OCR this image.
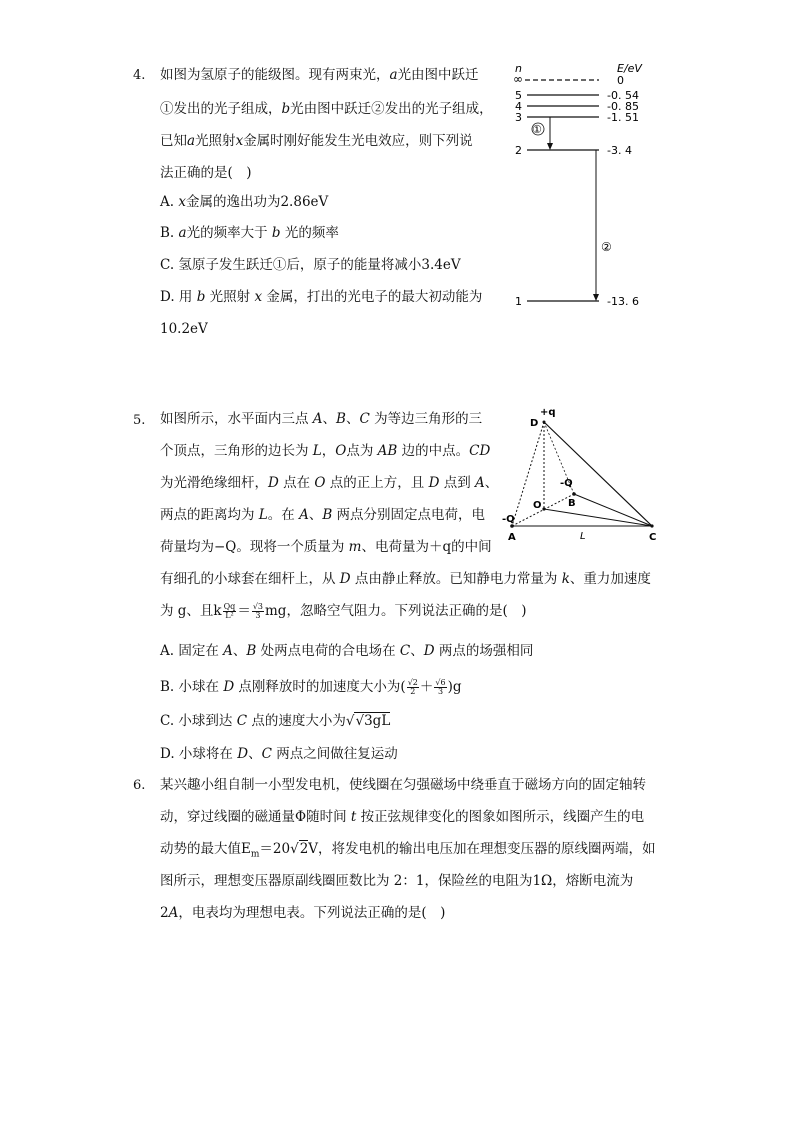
4. 如图为氢原子的能级图。现有两束光，a光由图中跃迁
①发出的光子组成，b光由图中跃迁②发出的光子组成，
已知a光照射x金属时刚好能发生光电效应，则下列说
法正确的是(　)
A. x金属的逸出功为2.86eV
B. a光的频率大于 b 光的频率
C. 氢原子发生跃迁①后，原子的能量将减小3.4eV
D. 用 b 光照射 x 金属，打出的光电子的最大初动能为
10.2eV
n	E/eV
∞	0
5	-0. 54
4	-0. 85
3	-1. 51
2	-3. 4
1	-13. 6
①
②
5. 如图所示，水平面内三点 A、B、C 为等边三角形的三
个顶点，三角形的边长为 L，O点为 AB 边的中点。CD
为光滑绝缘细杆，D 点在 O 点的正上方，且 D 点到 A、
两点的距离均为 L。在 A、B 两点分别固定点电荷，电
荷量均为−Q。现将一个质量为 m、电荷量为＋q的中间
有细孔的小球套在细杆上，从 D 点由静止释放。已知静电力常量为 k、重力加速度
为 g、且k $\frac{Qq}{\text{L²}} = \frac{√3}{3}$ mg，忽略空气阻力。下列说法正确的是(　)
A. 固定在 A、B 处两点电荷的合电场在 C、D 两点的场强相同
B. 小球在 D 点刚释放时的加速度大小为( $\frac{√2}{2} + \frac{√6}{3} )g$
C. 小球到达 C 点的速度大小为√√3gL
D. 小球将在 D、C 两点之间做往复运动
D
+q
-Q
B
O
-Q
A	L	C
6. 某兴趣小组自制一小型发电机，使线圈在匀强磁场中绕垂直于磁场方向的固定轴转
动，穿过线圈的磁通量Φ随时间 t 按正弦规律变化的图象如图所示，线圈产生的电
动势的最大值$E_m=20√2V$，将发电机的输出电压加在理想变压器的原线圈两端，如
图所示，理想变压器原副线圈匝数比为 2：1，保险丝的电阻为1Ω，熔断电流为
2A，电表均为理想电表。下列说法正确的是(　)
